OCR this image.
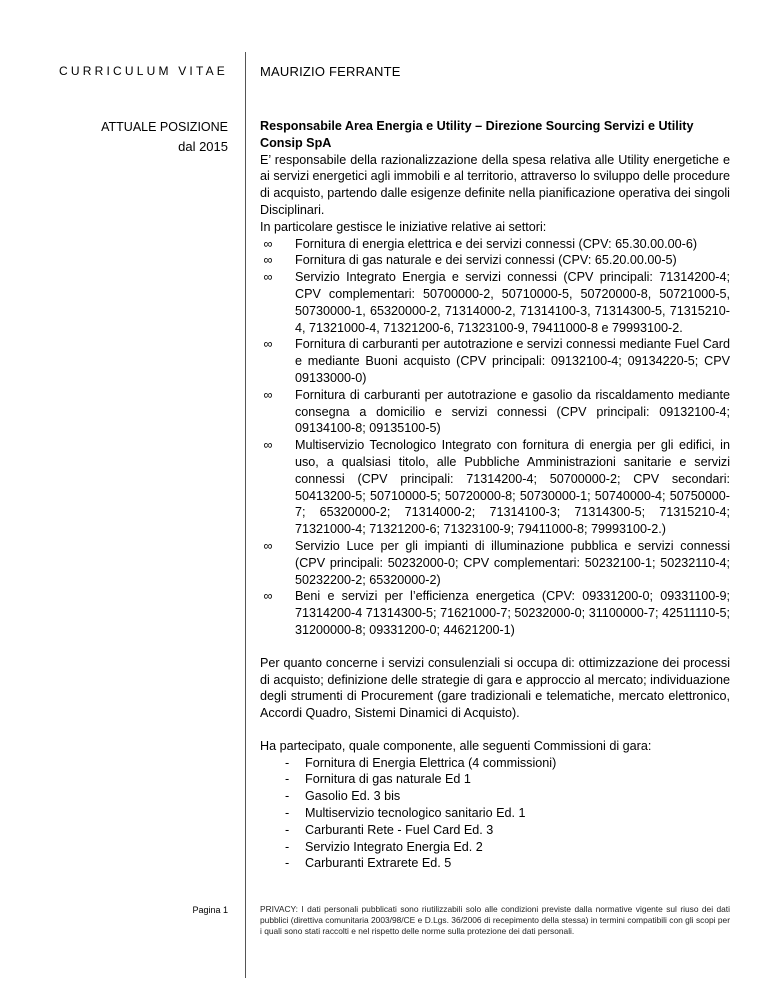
CURRICULUM VITAE
ATTUALE POSIZIONE
dal 2015
Pagina 1
MAURIZIO FERRANTE

Responsabile Area Energia e Utility – Direzione Sourcing Servizi e Utility

Consip SpA

E’ responsabile della razionalizzazione della spesa relativa alle Utility energetiche e ai servizi energetici agli immobili e al territorio, attraverso lo sviluppo delle procedure di acquisto, partendo dalle esigenze definite nella pianificazione operativa dei singoli Disciplinari.

In particolare gestisce le iniziative relative ai settori:

∞ Fornitura di energia elettrica e dei servizi connessi (CPV: 65.30.00.00-6)
∞ Fornitura di gas naturale e dei servizi connessi (CPV: 65.20.00.00-5)
∞ Servizio Integrato Energia e servizi connessi (CPV principali: 71314200-4; CPV complementari: 50700000-2, 50710000-5, 50720000-8, 50721000-5, 50730000-1, 65320000-2, 71314000-2, 71314100-3, 71314300-5, 71315210-4, 71321000-4, 71321200-6, 71323100-9, 79411000-8 e 79993100-2.
∞ Fornitura di carburanti per autotrazione e servizi connessi mediante Fuel Card e mediante Buoni acquisto (CPV principali: 09132100-4; 09134220-5; CPV 09133000-0)
∞ Fornitura di carburanti per autotrazione e gasolio da riscaldamento mediante consegna a domicilio e servizi connessi (CPV principali: 09132100-4; 09134100-8; 09135100-5)
∞ Multiservizio Tecnologico Integrato con fornitura di energia per gli edifici, in uso, a qualsiasi titolo, alle Pubbliche Amministrazioni sanitarie e servizi connessi (CPV principali: 71314200-4; 50700000-2; CPV secondari: 50413200-5; 50710000-5; 50720000-8; 50730000-1; 50740000-4; 50750000-7; 65320000-2; 71314000-2; 71314100-3; 71314300-5; 71315210-4; 71321000-4; 71321200-6; 71323100-9; 79411000-8; 79993100-2.)
∞ Servizio Luce per gli impianti di illuminazione pubblica e servizi connessi (CPV principali: 50232000-0; CPV complementari: 50232100-1; 50232110-4; 50232200-2; 65320000-2)
∞ Beni e servizi per l’efficienza energetica (CPV: 09331200-0; 09331100-9; 71314200-4 71314300-5; 71621000-7; 50232000-0; 31100000-7; 42511110-5; 31200000-8; 09331200-0; 44621200-1)

Per quanto concerne i servizi consulenziali si occupa di: ottimizzazione dei processi di acquisto; definizione delle strategie di gara e approccio al mercato; individuazione degli strumenti di Procurement (gare tradizionali e telematiche, mercato elettronico, Accordi Quadro, Sistemi Dinamici di Acquisto).

Ha partecipato, quale componente, alle seguenti Commissioni di gara:

- Fornitura di Energia Elettrica (4 commissioni)
- Fornitura di gas naturale Ed 1
- Gasolio Ed. 3 bis
- Multiservizio tecnologico sanitario Ed. 1
- Carburanti Rete - Fuel Card Ed. 3
- Servizio Integrato Energia Ed. 2
- Carburanti Extrarete Ed. 5
PRIVACY: I dati personali pubblicati sono riutilizzabili solo alle condizioni previste dalla normative vigente sul riuso dei dati pubblici (direttiva comunitaria 2003/98/CE e D.Lgs. 36/2006 di recepimento della stessa) in termini compatibili con gli scopi per i quali sono stati raccolti e nel rispetto delle norme sulla protezione dei dati personali.
